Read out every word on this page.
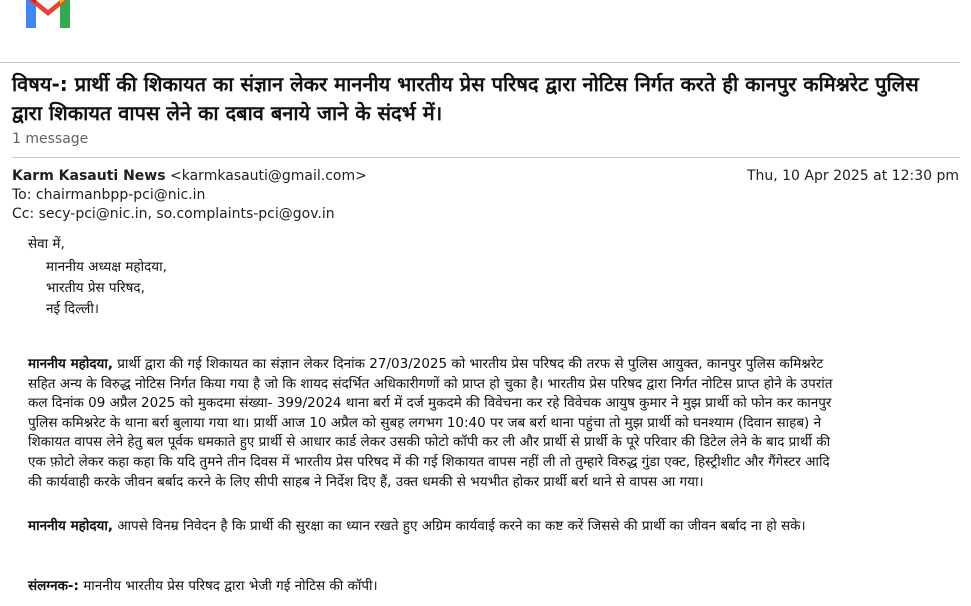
विषय-: प्रार्थी की शिकायत का संज्ञान लेकर माननीय भारतीय प्रेस परिषद द्वारा नोटिस निर्गत करते ही कानपुर कमिश्नरेट पुलिस द्वारा शिकायत वापस लेने का दबाव बनाये जाने के संदर्भ में।
1 message
Karm Kasauti News <karmkasauti@gmail.com>	Thu, 10 Apr 2025 at 12:30 pm
To: chairmanbpp-pci@nic.in
Cc: secy-pci@nic.in, so.complaints-pci@gov.in
सेवा में,
माननीय अध्यक्ष महोदया,
भारतीय प्रेस परिषद,
नई दिल्ली।
माननीय महोदया, प्रार्थी द्वारा की गई शिकायत का संज्ञान लेकर दिनांक 27/03/2025 को भारतीय प्रेस परिषद की तरफ से पुलिस आयुक्त, कानपुर पुलिस कमिश्नरेट
सहित अन्य के विरुद्ध नोटिस निर्गत किया गया है जो कि शायद संदर्भित अधिकारीगणों को प्राप्त हो चुका है। भारतीय प्रेस परिषद द्वारा निर्गत नोटिस प्राप्त होने के उपरांत
कल दिनांक 09 अप्रैल 2025 को मुकदमा संख्या- 399/2024 थाना बर्रा में दर्ज मुकदमे की विवेचना कर रहे विवेचक आयुष कुमार ने मुझ प्रार्थी को फोन कर कानपुर
पुलिस कमिश्नरेट के थाना बर्रा बुलाया गया था। प्रार्थी आज 10 अप्रैल को सुबह लगभग 10:40 पर जब बर्रा थाना पहुंचा तो मुझ प्रार्थी को घनश्याम (दिवान साहब) ने
शिकायत वापस लेने हेतु बल पूर्वक धमकाते हुए प्रार्थी से आधार कार्ड लेकर उसकी फोटो कॉपी कर ली और प्रार्थी से प्रार्थी के पूरे परिवार की डिटेल लेने के बाद प्रार्थी की
एक फ़ोटो लेकर कहा कहा कि यदि तुमने तीन दिवस में भारतीय प्रेस परिषद में की गई शिकायत वापस नहीं ली तो तुम्हारे विरुद्ध गुंडा एक्ट, हिस्ट्रीशीट और गैंगेस्टर आदि
की कार्यवाही करके जीवन बर्बाद करने के लिए सीपी साहब ने निर्देश दिए हैं, उक्त धमकी से भयभीत होकर प्रार्थी बर्रा थाने से वापस आ गया।
माननीय महोदया, आपसे विनम्र निवेदन है कि प्रार्थी की सुरक्षा का ध्यान रखते हुए अग्रिम कार्यवाई करने का कष्ट करें जिससे की प्रार्थी का जीवन बर्बाद ना हो सके।
संलग्नक-: माननीय भारतीय प्रेस परिषद द्वारा भेजी गई नोटिस की कॉपी।
